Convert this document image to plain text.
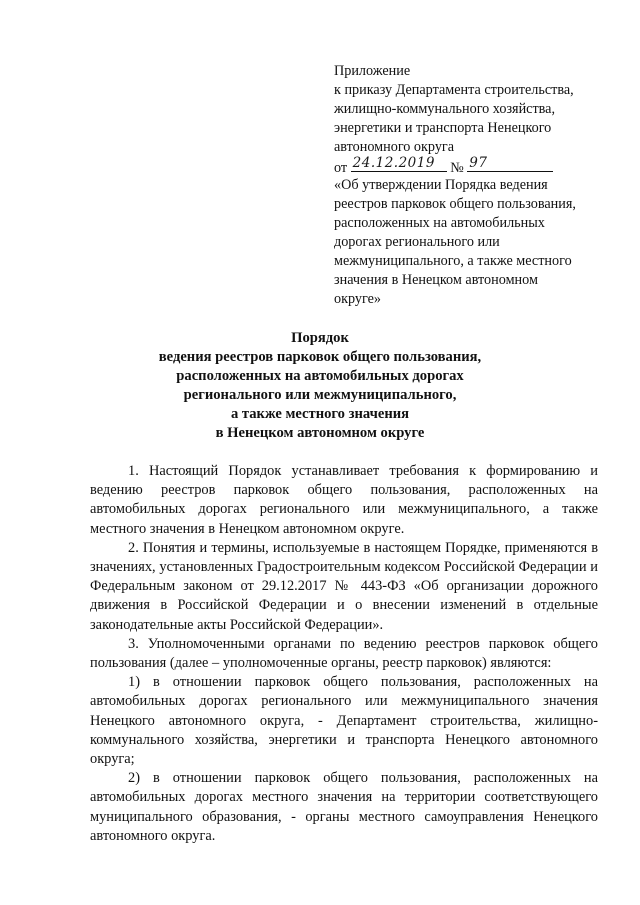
Приложение
к приказу Департамента строительства,
жилищно-коммунального хозяйства,
энергетики и транспорта Ненецкого
автономного округа
от 24.12.2019 № 97
«Об утверждении Порядка ведения
реестров парковок общего пользования,
расположенных на автомобильных
дорогах регионального или
межмуниципального, а также местного
значения в Ненецком автономном
округе»
Порядок
ведения реестров парковок общего пользования,
расположенных на автомобильных дорогах
регионального или межмуниципального,
а также местного значения
в Ненецком автономном округе

1. Настоящий Порядок устанавливает требования к формированию и ведению реестров парковок общего пользования, расположенных на автомобильных дорогах регионального или межмуниципального, а также местного значения в Ненецком автономном округе.

2. Понятия и термины, используемые в настоящем Порядке, применяются в значениях, установленных Градостроительным кодексом Российской Федерации и Федеральным законом от 29.12.2017 № 443-ФЗ «Об организации дорожного движения в Российской Федерации и о внесении изменений в отдельные законодательные акты Российской Федерации».

3. Уполномоченными органами по ведению реестров парковок общего пользования (далее – уполномоченные органы, реестр парковок) являются:

1) в отношении парковок общего пользования, расположенных на автомобильных дорогах регионального или межмуниципального значения Ненецкого автономного округа, - Департамент строительства, жилищно-коммунального хозяйства, энергетики и транспорта Ненецкого автономного округа;

2) в отношении парковок общего пользования, расположенных на автомобильных дорогах местного значения на территории соответствующего муниципального образования, - органы местного самоуправления Ненецкого автономного округа.
